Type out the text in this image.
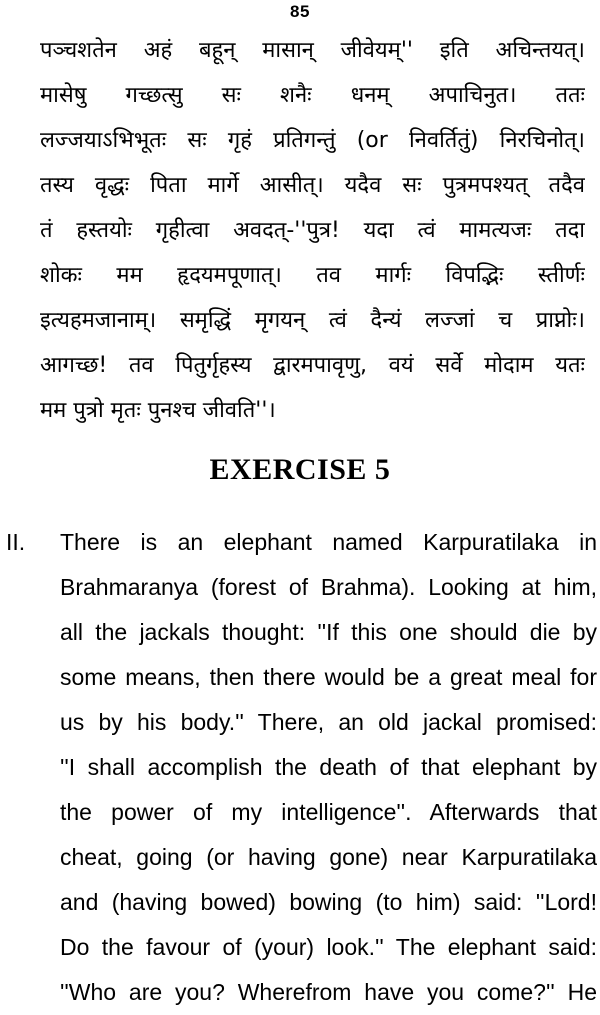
85
पञ्चशतेन अहं बहून् मासान् जीवेयम्'' इति अचिन्तयत्।
मासेषु गच्छत्सु सः शनैः धनम् अपाचिनुत। ततः
लज्जयाऽभिभूतः सः गृहं प्रतिगन्तुं (or निवर्तितुं) निरचिनोत्।
तस्य वृद्धः पिता मार्गे आसीत्। यदैव सः पुत्रमपश्यत् तदैव
तं हस्तयोः गृहीत्वा अवदत्-''पुत्र! यदा त्वं मामत्यजः तदा
शोकः मम हृदयमपूणात्। तव मार्गः विपद्भिः स्तीर्णः
इत्यहमजानाम्। समृद्धिं मृगयन् त्वं दैन्यं लज्जां च प्राप्नोः।
आगच्छ! तव पितुर्गृहस्य द्वारमपावृणु, वयं सर्वे मोदाम यतः
मम पुत्रो मृतः पुनश्च जीवति''।
EXERCISE 5
II. There is an elephant named Karpuratilaka in
Brahmaranya (forest of Brahma). Looking at him,
all the jackals thought: ''If this one should die by
some means, then there would be a great meal for
us by his body.'' There, an old jackal promised:
''I shall accomplish the death of that elephant by
the power of my intelligence''. Afterwards that
cheat, going (or having gone) near Karpuratilaka
and (having bowed) bowing (to him) said: ''Lord!
Do the favour of (your) look.'' The elephant said:
''Who are you? Wherefrom have you come?'' He
